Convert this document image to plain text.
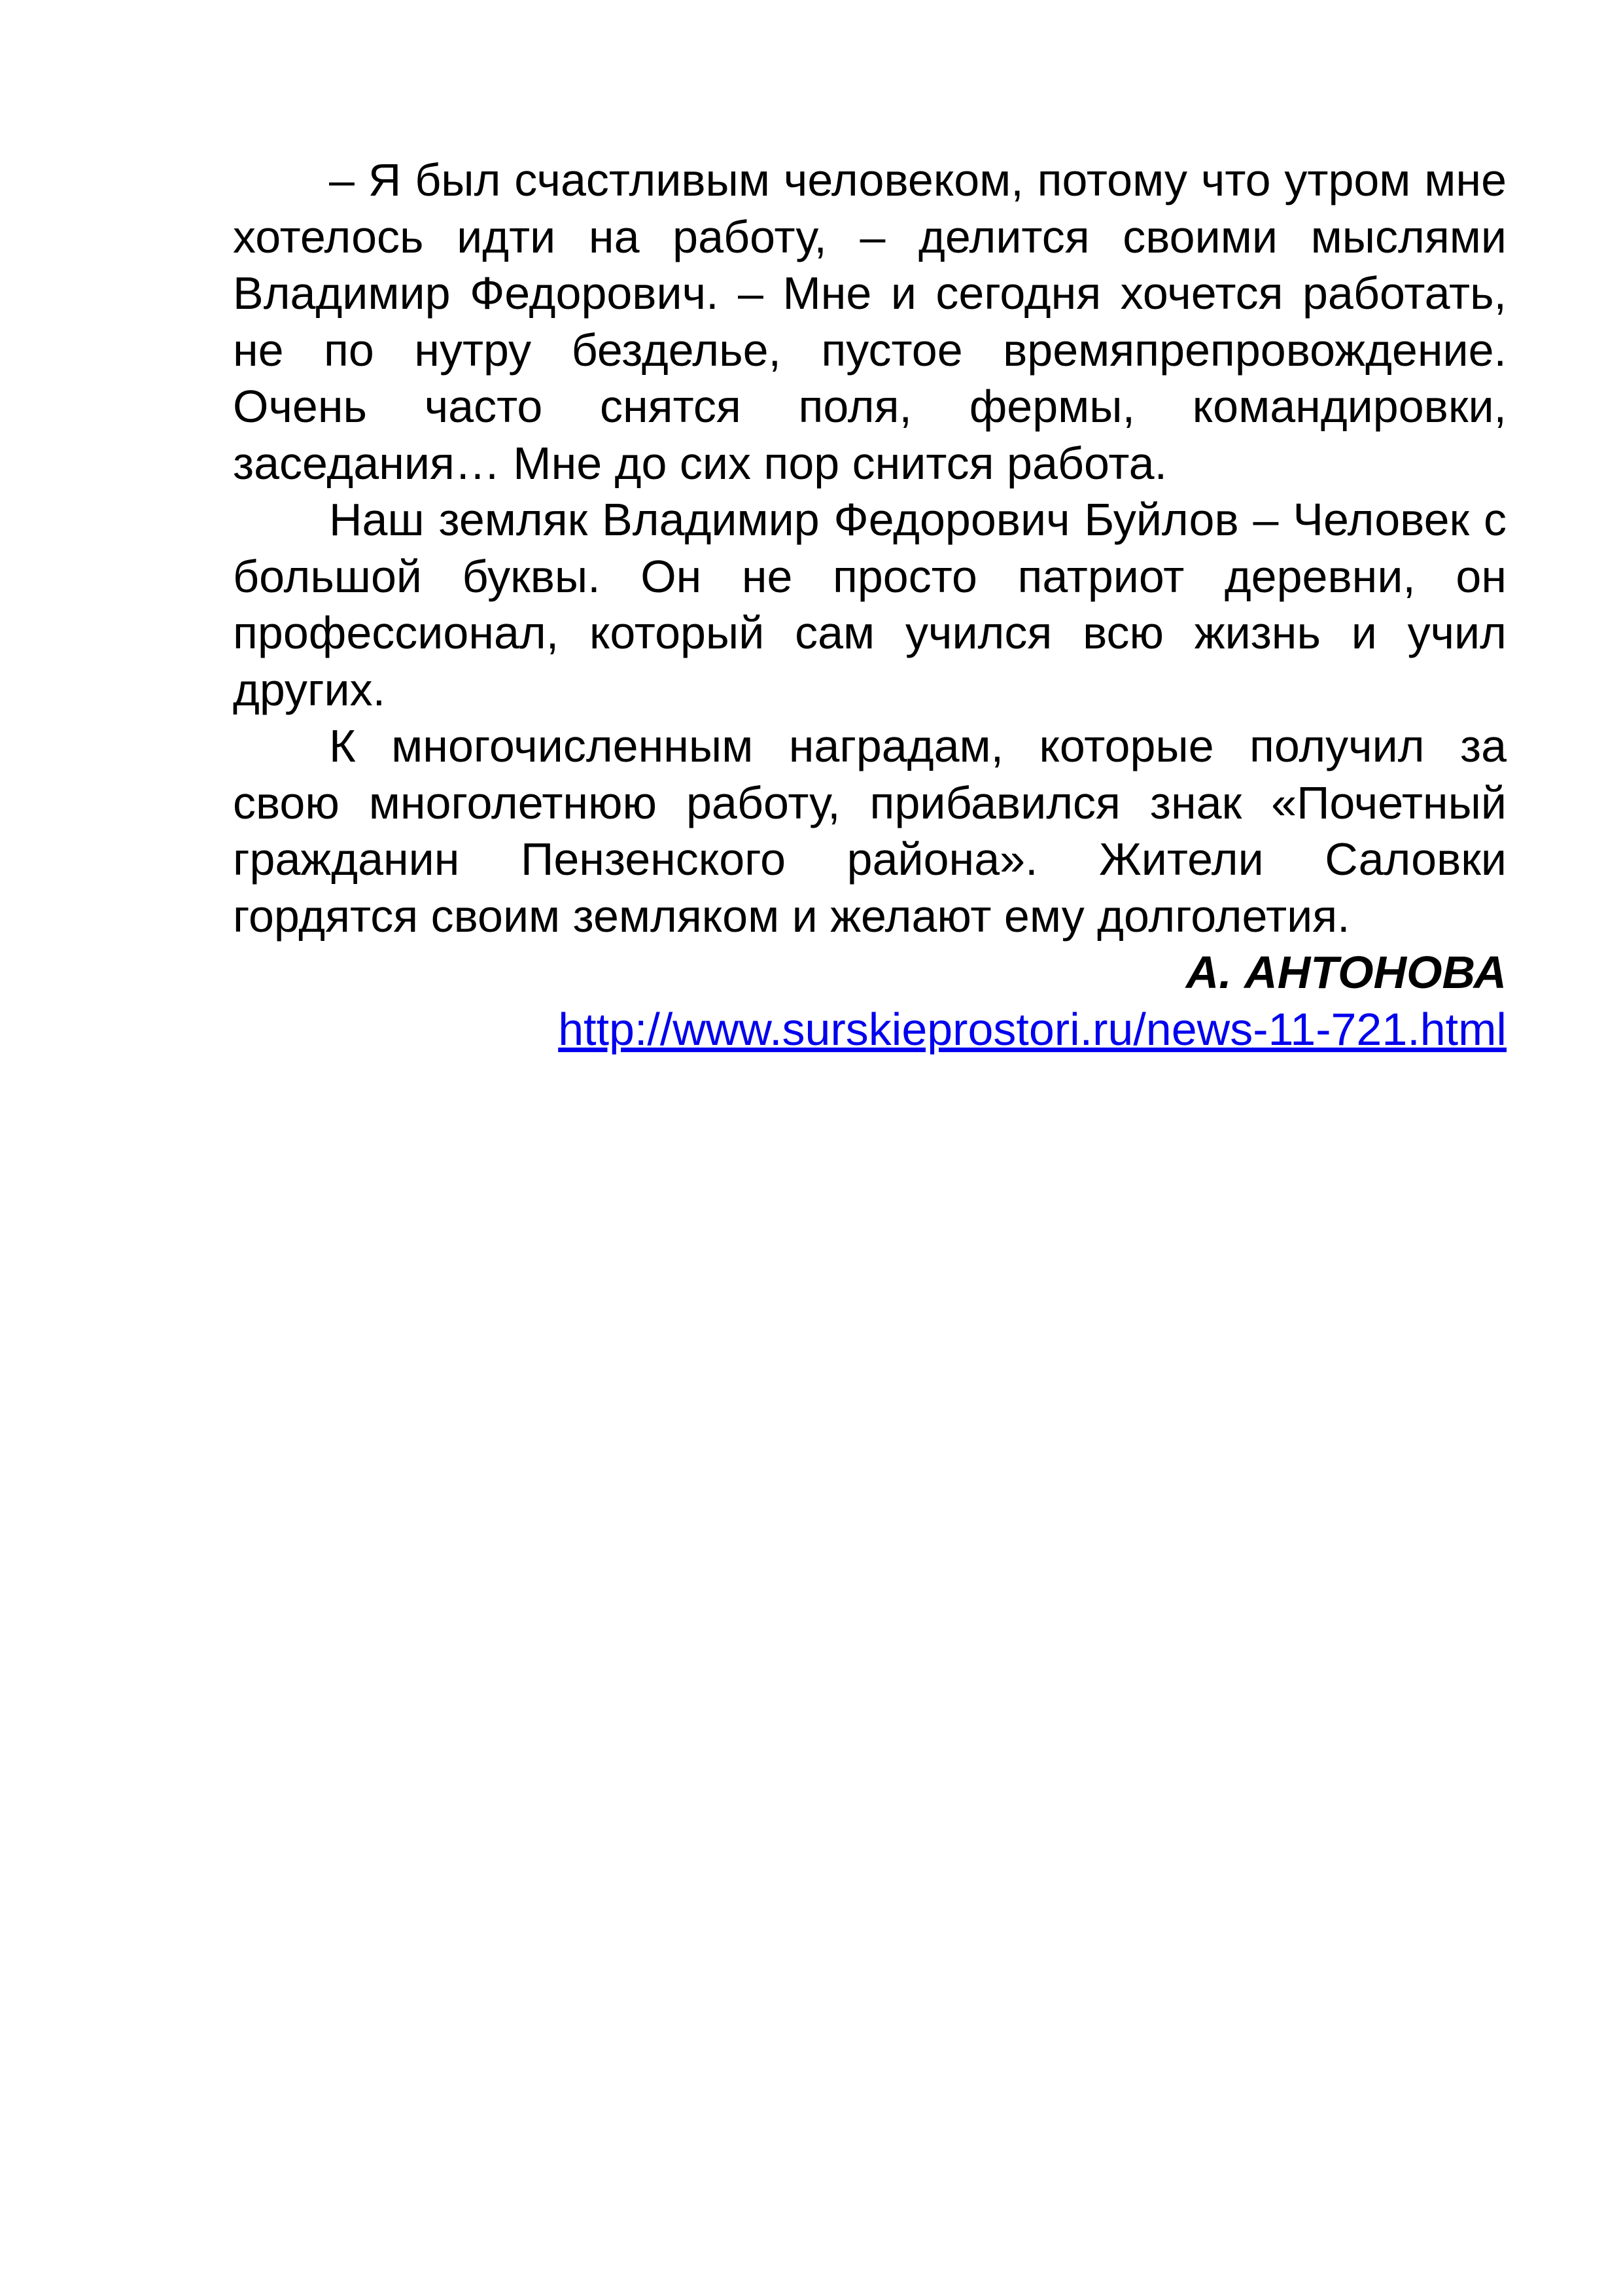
– Я был счастливым человеком, потому что утром мне хотелось идти на работу, – делится своими мыслями Владимир Федорович. – Мне и сегодня хочется работать, не по нутру безделье, пустое времяпрепровождение. Очень часто снятся поля, фермы, командировки, заседания… Мне до сих пор снится работа.

Наш земляк Владимир Федорович Буйлов – Человек с большой буквы. Он не просто патриот деревни, он профессионал, который сам учился всю жизнь и учил других.

К многочисленным наградам, которые получил за свою многолетнюю работу, прибавился знак «Почетный гражданин Пензенского района». Жители Саловки гордятся своим земляком и желают ему долголетия.

А. АНТОНОВА

http://www.surskieprostori.ru/news-11-721.html
